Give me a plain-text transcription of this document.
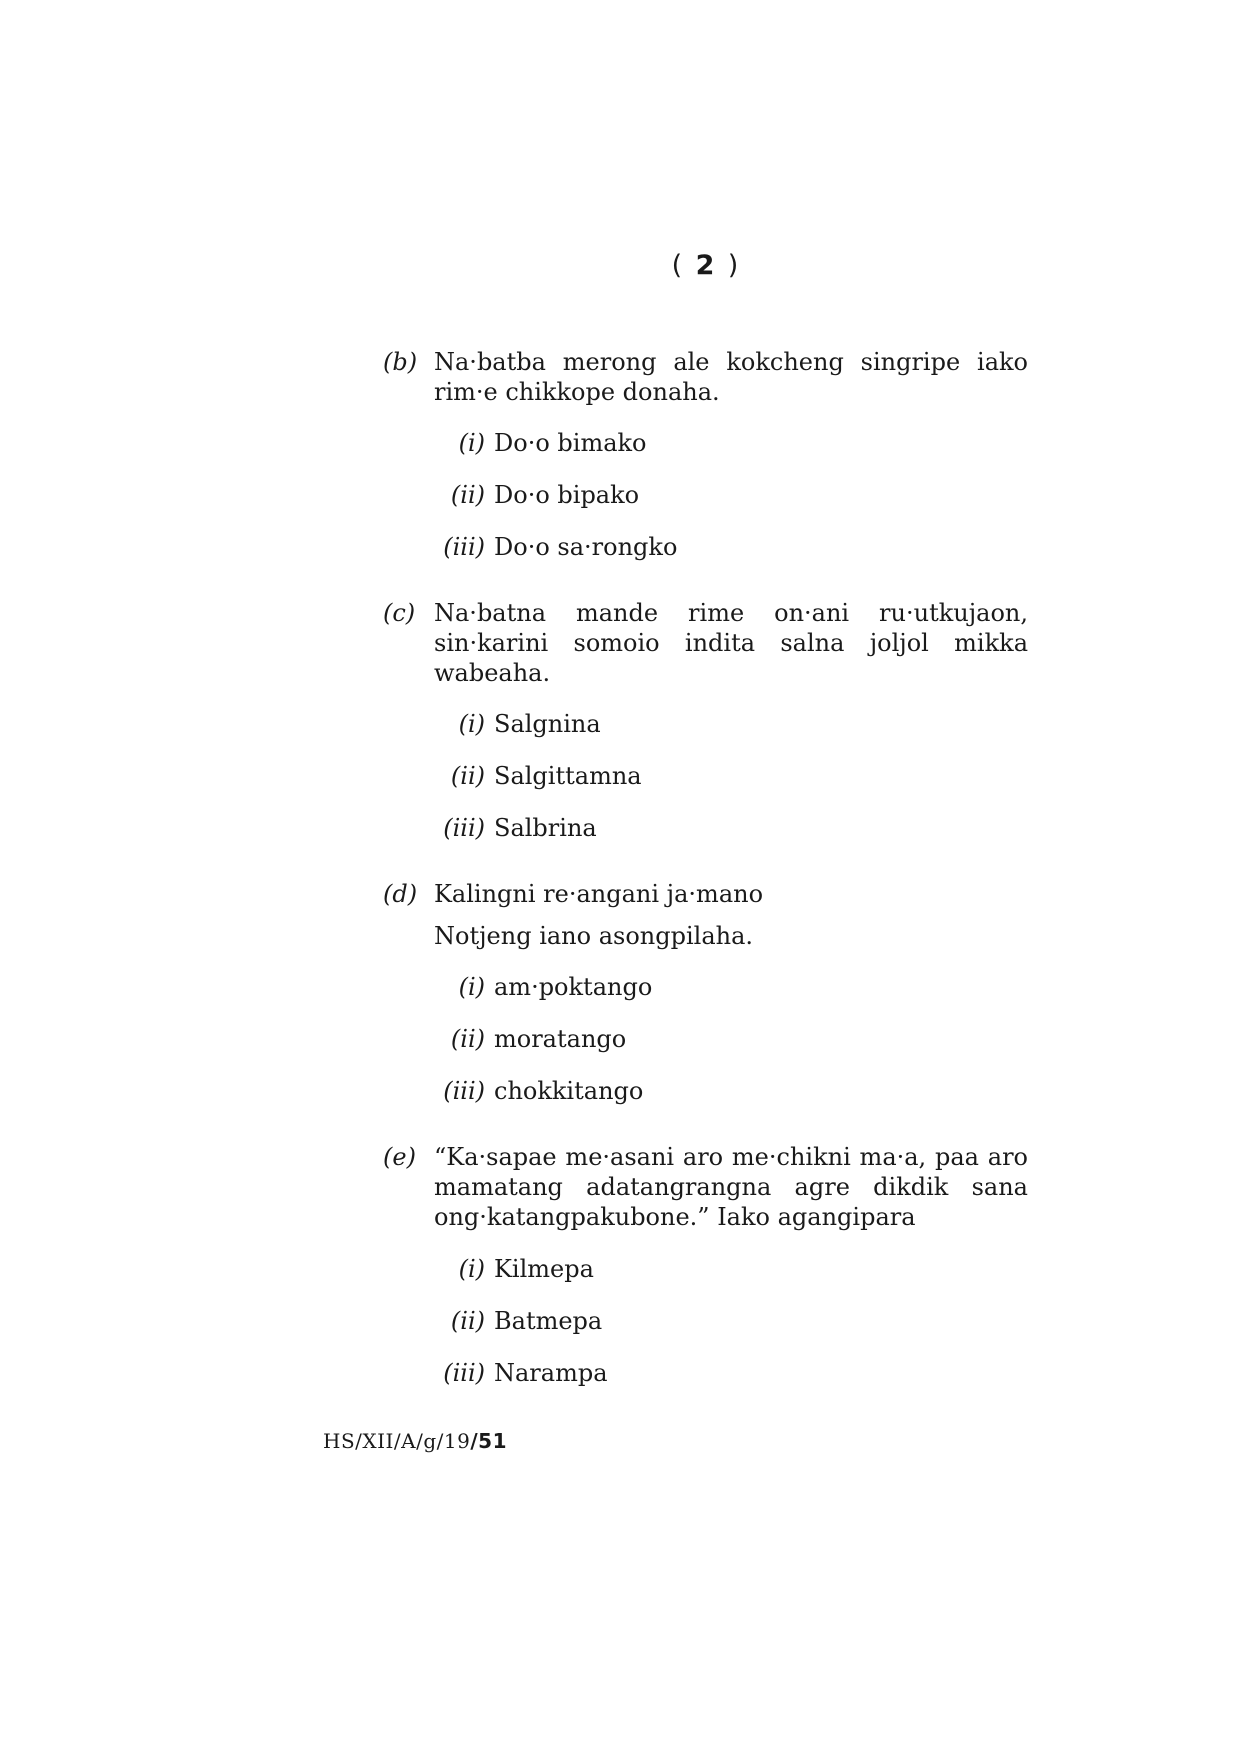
( 2 )
(b) Na·batba merong ale kokcheng singripe iako rim·e chikkope donaha.
(i) Do·o bimako
(ii) Do·o bipako
(iii) Do·o sa·rongko
(c) Na·batna mande rime on·ani ru·utkujaon, sin·karini somoio indita salna joljol mikka wabeaha.
(i) Salgnina
(ii) Salgittamna
(iii) Salbrina
(d) Kalingni re·angani ja·mano
Notjeng iano asongpilaha.
(i) am·poktango
(ii) moratango
(iii) chokkitango
(e) “Ka·sapae me·asani aro me·chikni ma·a, paa aro mamatang adatangrangna agre dikdik sana ong·katangpakubone.” Iako agangipara
(i) Kilmepa
(ii) Batmepa
(iii) Narampa
HS/XII/A/g/19/51
